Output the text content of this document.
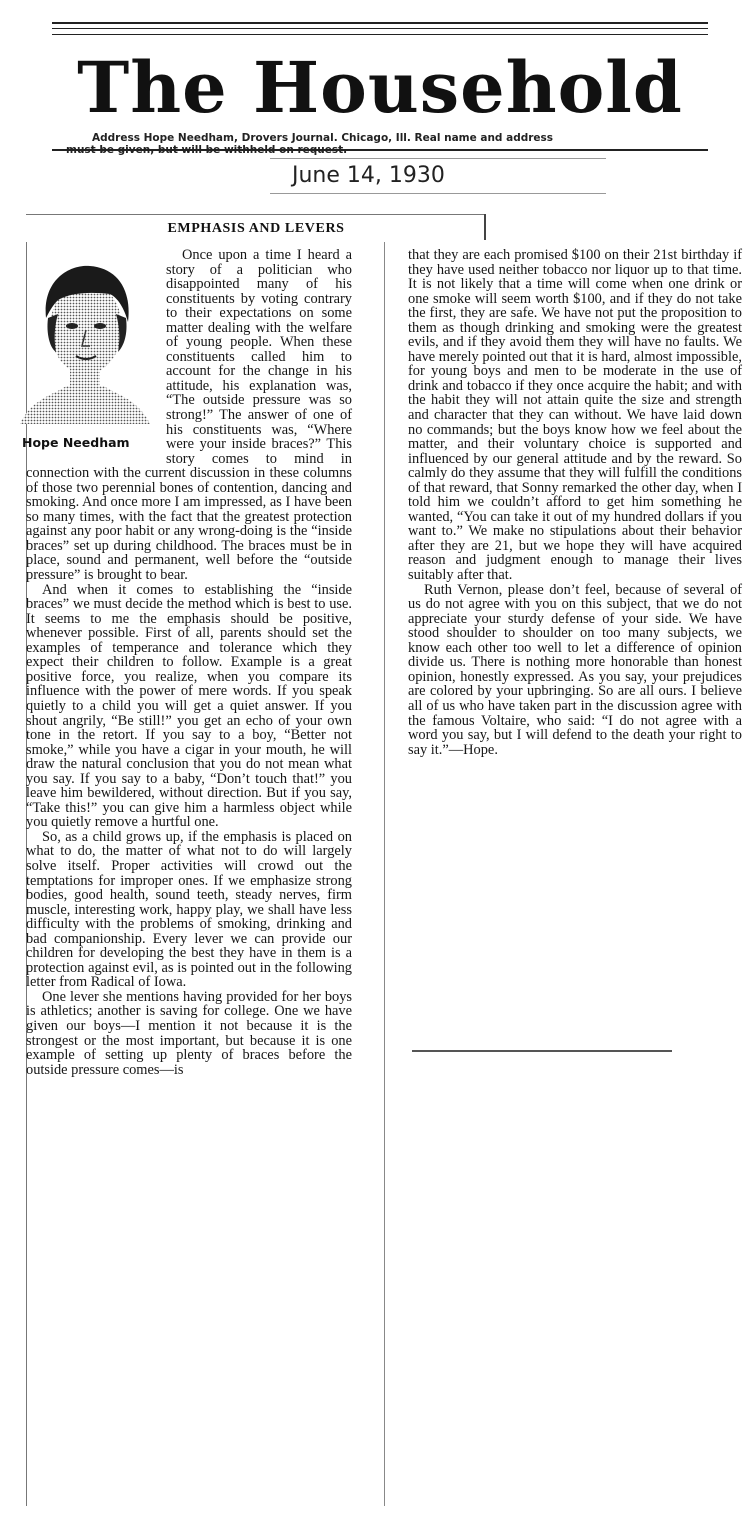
The Household
Address Hope Needham, Drovers Journal. Chicago, Ill. Real name and address
June 14, 1930
EMPHASIS AND LEVERS
Hope Needham

Once upon a time I heard a story of a politician who disappointed many of his constituents by voting contrary to their expectations on some matter dealing with the welfare of young people. When these constituents called him to account for the change in his attitude, his explanation was, “The outside pressure was so strong!” The answer of one of his constituents was, “Where were your inside braces?” This story comes to mind in connection with the current discussion in these columns of those two perennial bones of contention, dancing and smoking. And once more I am impressed, as I have been so many times, with the fact that the greatest protection against any poor habit or any wrong-doing is the “inside braces” set up during childhood. The braces must be in place, sound and permanent, well before the “outside pressure” is brought to bear.

And when it comes to establishing the “inside braces” we must decide the method which is best to use. It seems to me the emphasis should be positive, whenever possible. First of all, parents should set the examples of temperance and tolerance which they expect their children to follow. Example is a great positive force, you realize, when you compare its influence with the power of mere words. If you speak quietly to a child you will get a quiet answer. If you shout angrily, “Be still!” you get an echo of your own tone in the retort. If you say to a boy, “Better not smoke,” while you have a cigar in your mouth, he will draw the natural conclusion that you do not mean what you say. If you say to a baby, “Don’t touch that!” you leave him bewildered, without direction. But if you say, “Take this!” you can give him a harmless object while you quietly remove a hurtful one.

So, as a child grows up, if the emphasis is placed on what to do, the matter of what not to do will largely solve itself. Proper activities will crowd out the temptations for improper ones. If we emphasize strong bodies, good health, sound teeth, steady nerves, firm muscle, interesting work, happy play, we shall have less difficulty with the problems of smoking, drinking and bad companionship. Every lever we can provide our children for developing the best they have in them is a protection against evil, as is pointed out in the following letter from Radical of Iowa.

One lever she mentions having provided for her boys is athletics; another is saving for college. One we have given our boys—I mention it not because it is the strongest or the most important, but because it is one example of setting up plenty of braces before the outside pressure comes—is

that they are each promised $100 on their 21st birthday if they have used neither tobacco nor liquor up to that time. It is not likely that a time will come when one drink or one smoke will seem worth $100, and if they do not take the first, they are safe. We have not put the proposition to them as though drinking and smoking were the greatest evils, and if they avoid them they will have no faults. We have merely pointed out that it is hard, almost impossible, for young boys and men to be moderate in the use of drink and tobacco if they once acquire the habit; and with the habit they will not attain quite the size and strength and character that they can without. We have laid down no commands; but the boys know how we feel about the matter, and their voluntary choice is supported and influenced by our general attitude and by the reward. So calmly do they assume that they will fulfill the conditions of that reward, that Sonny remarked the other day, when I told him we couldn’t afford to get him something he wanted, “You can take it out of my hundred dollars if you want to.” We make no stipulations about their behavior after they are 21, but we hope they will have acquired reason and judgment enough to manage their lives suitably after that.

Ruth Vernon, please don’t feel, because of several of us do not agree with you on this subject, that we do not appreciate your sturdy defense of your side. We have stood shoulder to shoulder on too many subjects, we know each other too well to let a difference of opinion divide us. There is nothing more honorable than honest opinion, honestly expressed. As you say, your prejudices are colored by your upbringing. So are all ours. I believe all of us who have taken part in the discussion agree with the famous Voltaire, who said: “I do not agree with a word you say, but I will defend to the death your right to say it.”—Hope.
